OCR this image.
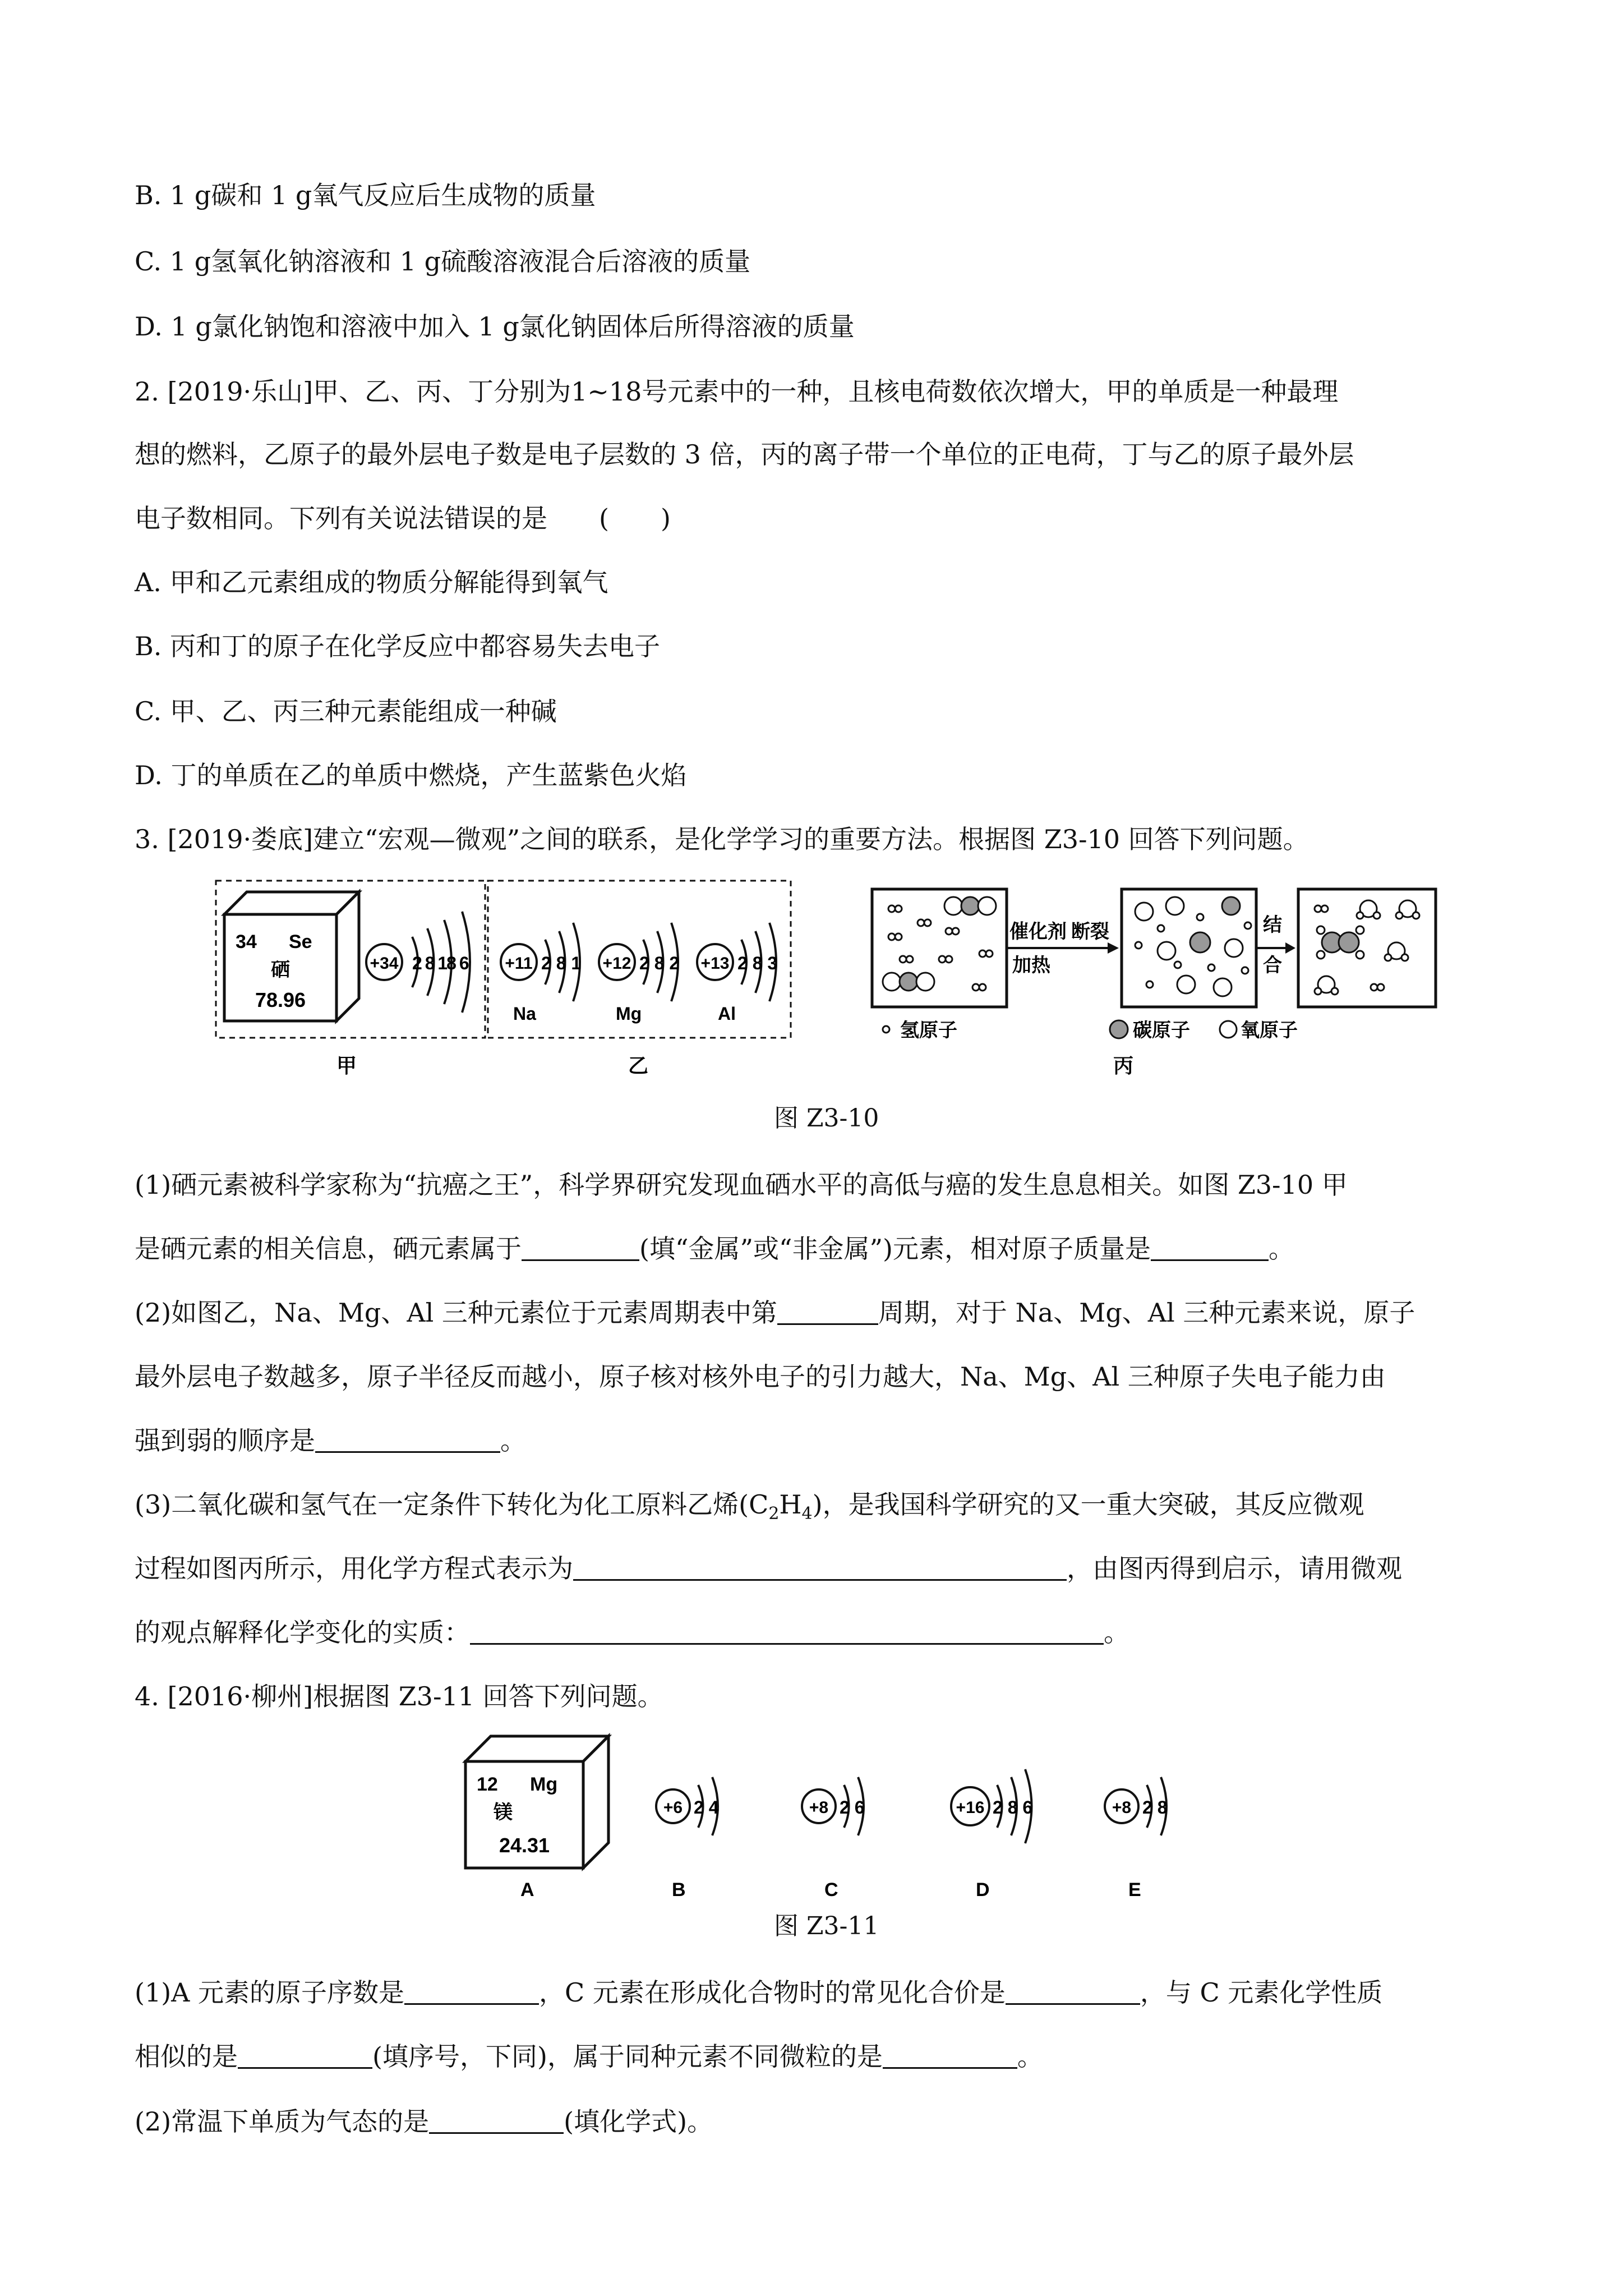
B. 1 g碳和 1 g氧气反应后生成物的质量
C. 1 g氢氧化钠溶液和 1 g硫酸溶液混合后溶液的质量
D. 1 g氯化钠饱和溶液中加入 1 g氯化钠固体后所得溶液的质量
2. [2019·乐山]甲、乙、丙、丁分别为1~18号元素中的一种，且核电荷数依次增大，甲的单质是一种最理
想的燃料，乙原子的最外层电子数是电子层数的 3 倍，丙的离子带一个单位的正电荷，丁与乙的原子最外层
电子数相同。下列有关说法错误的是　　(　　)
A. 甲和乙元素组成的物质分解能得到氧气
B. 丙和丁的原子在化学反应中都容易失去电子
C. 甲、乙、丙三种元素能组成一种碱
D. 丁的单质在乙的单质中燃烧，产生蓝紫色火焰
3. [2019·娄底]建立“宏观—微观”之间的联系，是化学学习的重要方法。根据图 Z3-10 回答下列问题。
34 Se
硒
78.96
+34 2 8 18 6 +11 2 8 1
Na
+12 2 8 2
Mg
+13 2 8 3
Al
催化剂 断裂
加热
结
合
氢原子	碳原子	氧原子
甲	乙	丙
图 Z3-10
(1)硒元素被科学家称为“抗癌之王”，科学界研究发现血硒水平的高低与癌的发生息息相关。如图 Z3-10 甲
是硒元素的相关信息，硒元素属于	(填“金属”或“非金属”)元素，相对原子质量是	。
(2)如图乙，Na、Mg、Al 三种元素位于元素周期表中第	周期，对于 Na、Mg、Al 三种元素来说，原子
最外层电子数越多，原子半径反而越小，原子核对核外电子的引力越大，Na、Mg、Al 三种原子失电子能力由
强到弱的顺序是	。
(3)二氧化碳和氢气在一定条件下转化为化工原料乙烯$(C_2H_4)$，是我国科学研究的又一重大突破，其反应微观
过程如图丙所示，用化学方程式表示为	，由图丙得到启示，请用微观
的观点解释化学变化的实质：	。
4. [2016·柳州]根据图 Z3-11 回答下列问题。
12 Mg
镁
24.31
+6 2 4	+8 2 6	+16 2 8 6	+8 2 8
A	B	C	D	E
图 Z3-11
(1)A 元素的原子序数是	，C 元素在形成化合物时的常见化合价是	，与 C 元素化学性质
相似的是	(填序号，下同)，属于同种元素不同微粒的是	。
(2)常温下单质为气态的是	(填化学式)。
